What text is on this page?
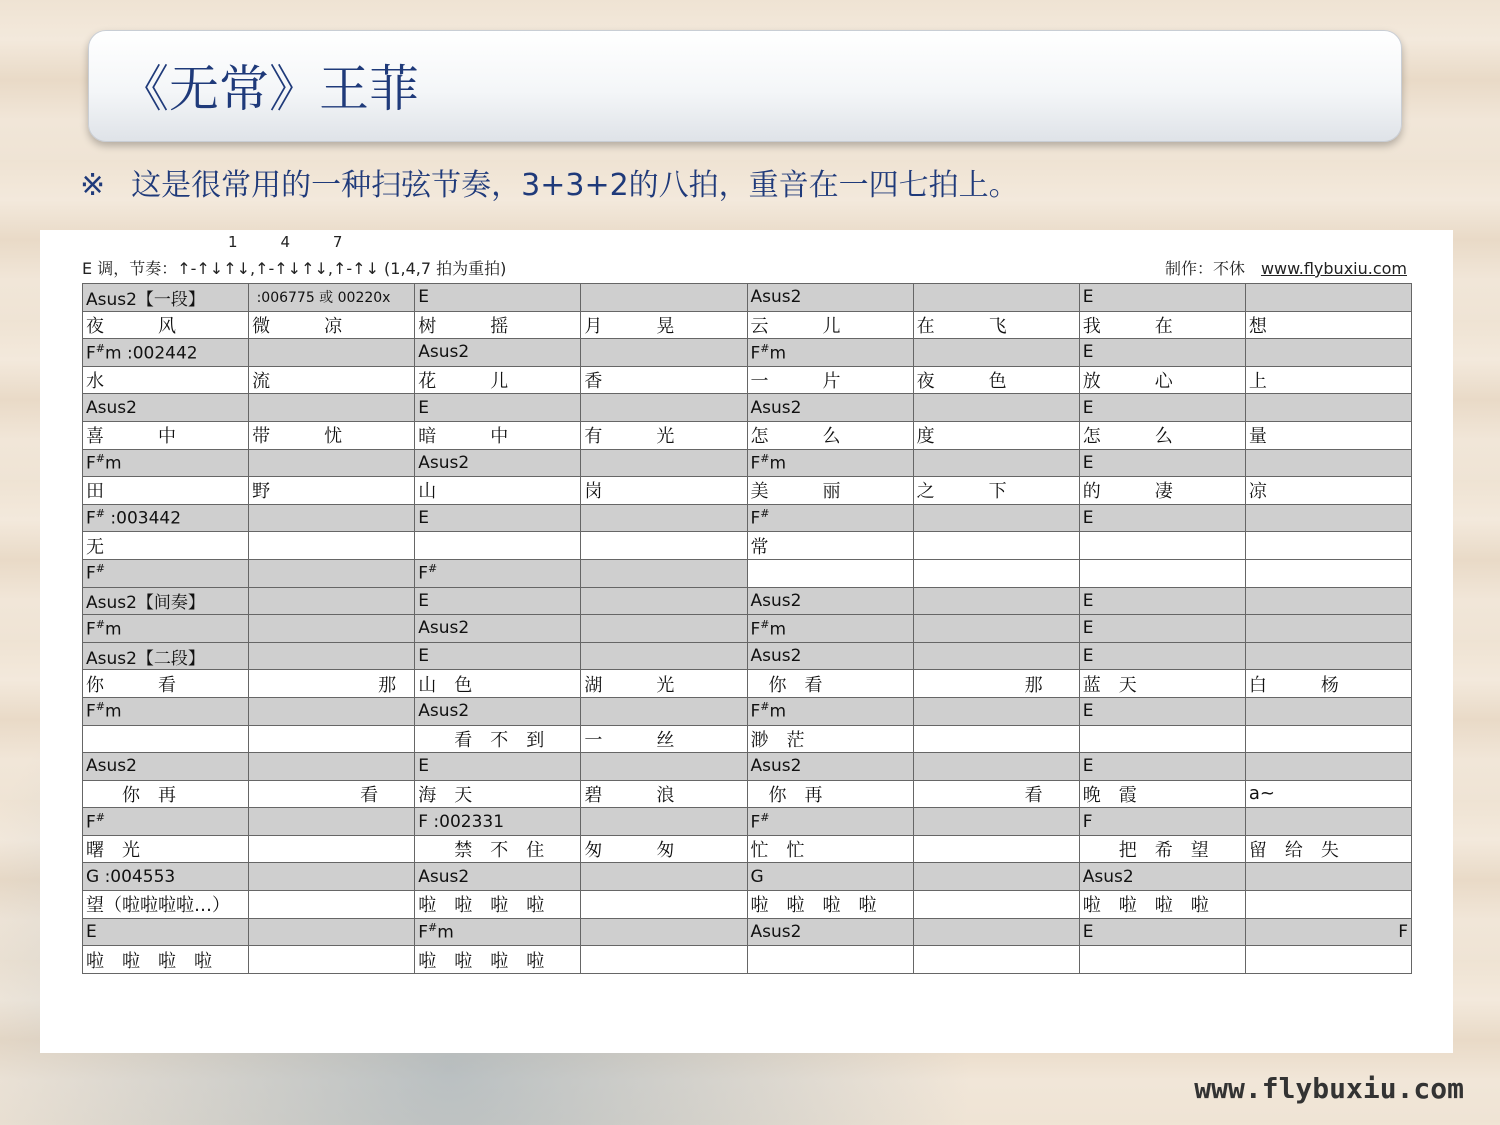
《无常》王菲
※ 这是很常用的一种扫弦节奏，3+3+2的八拍，重音在一四七拍上。
1         4         7
E 调，节奏：↑-↑↓↑↓,↑-↑↓↑↓,↑-↑↓ (1,4,7 拍为重拍)	制作：不休 www.flybuxiu.com
Asus2【一段】	:006775 或 00220x	E		Asus2		E	
夜　　　风	微　　　凉	树　　　摇	月　　　晃	云　　　儿	在　　　飞	我　　　在	想
F#m :002442		Asus2		F#m		E	
水	流	花　　　儿	香	一　　　片	夜　　　色	放　　　心	上
Asus2		E		Asus2		E	
喜　　　中	带　　　忧	暗　　　中	有　　　光	怎　　　么	度	怎　　　么	量
F#m		Asus2		F#m		E	
田	野	山	岗	美　　　丽	之　　　下	的　　　凄	凉
F# :003442		E		F#		E	
无				常			
F#		F#					
Asus2【间奏】		E		Asus2		E	
F#m		Asus2		F#m		E	
Asus2【二段】		E		Asus2		E	
你　　　看	　　　　　　　那	山　色	湖　　　光	　你　看	　　　　　　那	蓝　天	白　　　杨
F#m		Asus2		F#m		E	
		　　看　不　到	一　　　丝	渺　茫			
Asus2		E		Asus2		E	
　　你　再	　　　　　　看	海　天	碧　　　浪	　你　再	　　　　　　看	晚　霞	a~
F#		F :002331		F#		F	
曙　光		　　禁　不　住	匆　　　匆	忙　忙		　　把　希　望	留　给　失
G :004553		Asus2		G		Asus2	
望（啦啦啦啦…）		啦　啦　啦　啦		啦　啦　啦　啦		啦　啦　啦　啦	
E		F#m		Asus2		E	F
啦　啦　啦　啦		啦　啦　啦　啦					
www.flybuxiu.com
